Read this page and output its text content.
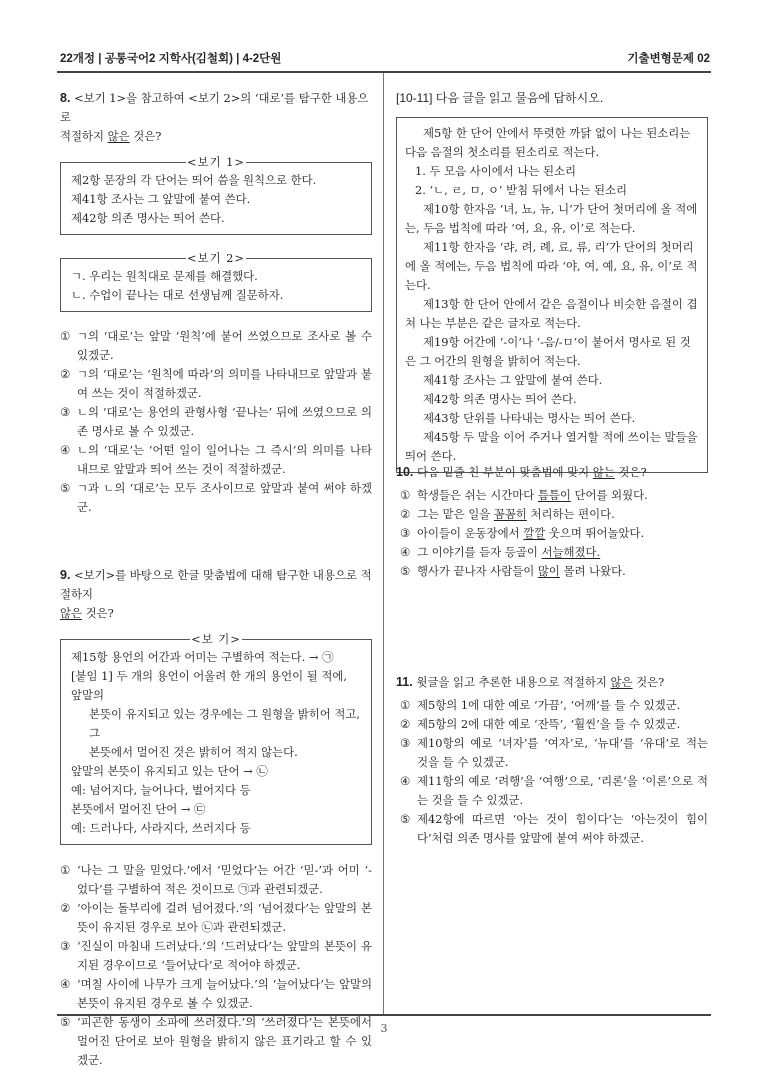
22개정 | 공통국어2 지학사(김철회) | 4-2단원	기출변형문제 02

8. <보기 1>을 참고하여 <보기 2>의 ‘대로’를 탐구한 내용으로
적절하지 않은 것은?

<보기 1>

제2항 문장의 각 단어는 띄어 씀을 원칙으로 한다.

제41항 조사는 그 앞말에 붙여 쓴다.

제42항 의존 명사는 띄어 쓴다.

<보기 2>

ㄱ. 우리는 원칙대로 문제를 해결했다.

ㄴ. 수업이 끝나는 대로 선생님께 질문하자.

① ㄱ의 ‘대로’는 앞말 ‘원칙’에 붙어 쓰였으므로 조사로 볼 수 있겠군.
② ㄱ의 ‘대로’는 ‘원칙에 따라’의 의미를 나타내므로 앞말과 붙여 쓰는 것이 적절하겠군.
③ ㄴ의 ‘대로’는 용언의 관형사형 ‘끝나는’ 뒤에 쓰였으므로 의존 명사로 볼 수 있겠군.
④ ㄴ의 ‘대로’는 ‘어떤 일이 일어나는 그 즉시’의 의미를 나타내므로 앞말과 띄어 쓰는 것이 적절하겠군.
⑤ ㄱ과 ㄴ의 ‘대로’는 모두 조사이므로 앞말과 붙여 써야 하겠군.

9. <보기>를 바탕으로 한글 맞춤법에 대해 탐구한 내용으로 적절하지
않은 것은?

<보 기>

제15항 용언의 어간과 어미는 구별하여 적는다. → ㉠

[붙임 1] 두 개의 용언이 어울려 한 개의 용언이 될 적에, 앞말의

본뜻이 유지되고 있는 경우에는 그 원형을 밝히어 적고, 그

본뜻에서 멀어진 것은 밝히어 적지 않는다.

앞말의 본뜻이 유지되고 있는 단어 → ㉡

예: 넘어지다, 늘어나다, 벌어지다 등

본뜻에서 멀어진 단어 → ㉢

예: 드러나다, 사라지다, 쓰러지다 등

① ‘나는 그 말을 믿었다.’에서 ‘믿었다’는 어간 ‘믿-’과 어미 ‘-었다’를 구별하여 적은 것이므로 ㉠과 관련되겠군.
② ‘아이는 돌부리에 걸려 넘어졌다.’의 ‘넘어졌다’는 앞말의 본뜻이 유지된 경우로 보아 ㉡과 관련되겠군.
③ ‘진실이 마침내 드러났다.’의 ‘드러났다’는 앞말의 본뜻이 유지된 경우이므로 ‘들어났다’로 적어야 하겠군.
④ ‘며칠 사이에 나무가 크게 늘어났다.’의 ‘늘어났다’는 앞말의 본뜻이 유지된 경우로 볼 수 있겠군.
⑤ ‘피곤한 동생이 소파에 쓰러졌다.’의 ‘쓰러졌다’는 본뜻에서 멀어진 단어로 보아 원형을 밝히지 않은 표기라고 할 수 있겠군.

[10-11] 다음 글을 읽고 물음에 답하시오.

제5항 한 단어 안에서 뚜렷한 까닭 없이 나는 된소리는 다음 음절의 첫소리를 된소리로 적는다.

1. 두 모음 사이에서 나는 된소리

2. ‘ㄴ, ㄹ, ㅁ, ㅇ’ 받침 뒤에서 나는 된소리

제10항 한자음 ‘녀, 뇨, 뉴, 니’가 단어 첫머리에 올 적에는, 두음 법칙에 따라 ‘여, 요, 유, 이’로 적는다.

제11항 한자음 ‘랴, 려, 례, 료, 류, 리’가 단어의 첫머리에 올 적에는, 두음 법칙에 따라 ‘야, 여, 예, 요, 유, 이’로 적는다.

제13항 한 단어 안에서 같은 음절이나 비슷한 음절이 겹쳐 나는 부분은 같은 글자로 적는다.

제19항 어간에 ‘-이’나 ‘-음/-ㅁ’이 붙어서 명사로 된 것은 그 어간의 원형을 밝히어 적는다.

제41항 조사는 그 앞말에 붙여 쓴다.

제42항 의존 명사는 띄어 쓴다.

제43항 단위를 나타내는 명사는 띄어 쓴다.

제45항 두 말을 이어 주거나 열거할 적에 쓰이는 말들을 띄어 쓴다.

10. 다음 밑줄 친 부분이 맞춤법에 맞지 않는 것은?

① 학생들은 쉬는 시간마다 틈틈이 단어를 외웠다.
② 그는 맡은 일을 꼼꼼히 처리하는 편이다.
③ 아이들이 운동장에서 깔깔 웃으며 뛰어놀았다.
④ 그 이야기를 듣자 등골이 서늘해졌다.
⑤ 행사가 끝나자 사람들이 많이 몰려 나왔다.

11. 윗글을 읽고 추론한 내용으로 적절하지 않은 것은?

① 제5항의 1에 대한 예로 ‘가끔’, ‘어깨’를 들 수 있겠군.
② 제5항의 2에 대한 예로 ‘잔뜩’, ‘훨씬’을 들 수 있겠군.
③ 제10항의 예로 ‘녀자’를 ‘여자’로, ‘뉴대’를 ‘유대’로 적는 것을 들 수 있겠군.
④ 제11항의 예로 ‘려행’을 ‘여행’으로, ‘리론’을 ‘이론’으로 적는 것을 들 수 있겠군.
⑤ 제42항에 따르면 ‘아는 것이 힘이다’는 ‘아는것이 힘이다’처럼 의존 명사를 앞말에 붙여 써야 하겠군.
3
